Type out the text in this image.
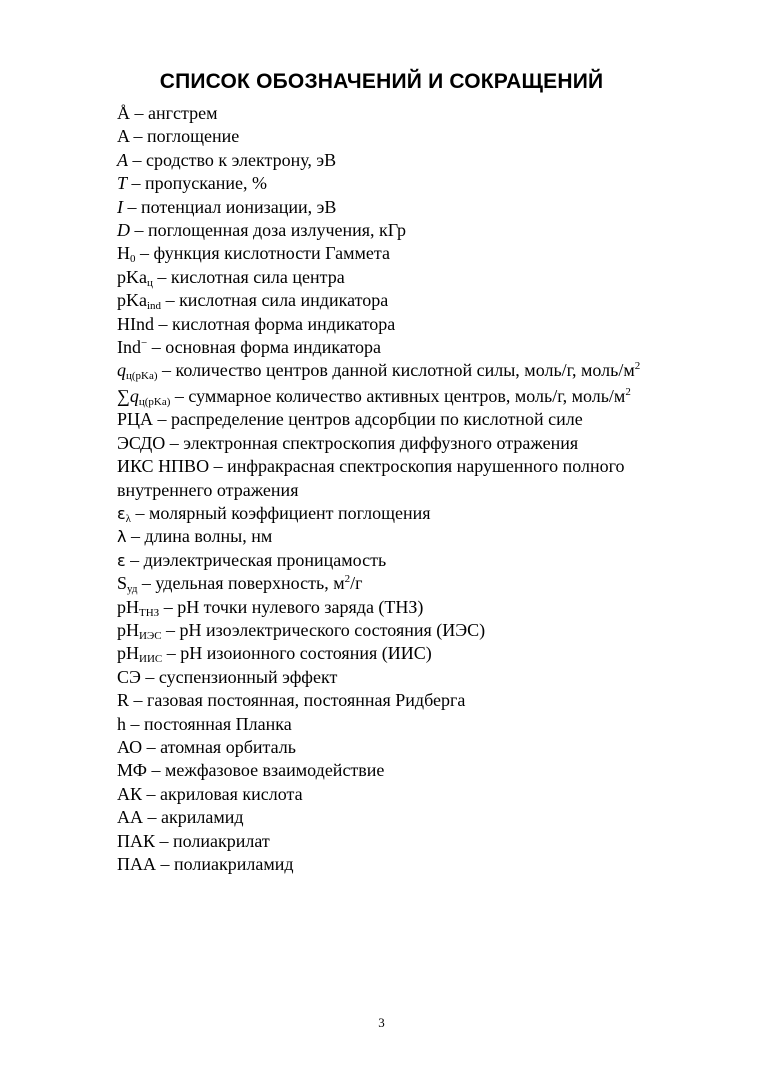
СПИСОК ОБОЗНАЧЕНИЙ И СОКРАЩЕНИЙ
Å – ангстрем
A – поглощение
A – сродство к электрону, эВ
T – пропускание, %
I – потенциал ионизации, эВ
D – поглощенная доза излучения, кГр
$H_0$ – функция кислотности Гаммета
pKa$_ц$ – кислотная сила центра
pKa$_{ind}$ – кислотная сила индикатора
HInd – кислотная форма индикатора
Ind− – основная форма индикатора
$q_{ц(pKa)}$ – количество центров данной кислотной силы, моль/г, моль/$м^2$
$\sum q_{ц(pKa)}$ – суммарное количество активных центров, моль/г, моль/$м^2$
РЦА – распределение центров адсорбции по кислотной силе
ЭСДО – электронная спектроскопия диффузного отражения
ИКС НПВО – инфракрасная спектроскопия нарушенного полного внутреннего отражения
$\varepsilon_\lambda$ – молярный коэффициент поглощения
λ – длина волны, нм
ε – диэлектрическая проницамость
$S_{уд}$ – удельная поверхность, $м^2/г$
$pH_{ТНЗ}$ – pH точки нулевого заряда (ТНЗ)
$pH_{ИЭС}$ – pH изоэлектрического состояния (ИЭС)
$pH_{ИИС}$ – pH изоионного состояния (ИИС)
СЭ – суспензионный эффект
R – газовая постоянная, постоянная Ридберга
h – постоянная Планка
АО – атомная орбиталь
МФ – межфазовое взаимодействие
АК – акриловая кислота
АА – акриламид
ПАК – полиакрилат
ПАА – полиакриламид
3
